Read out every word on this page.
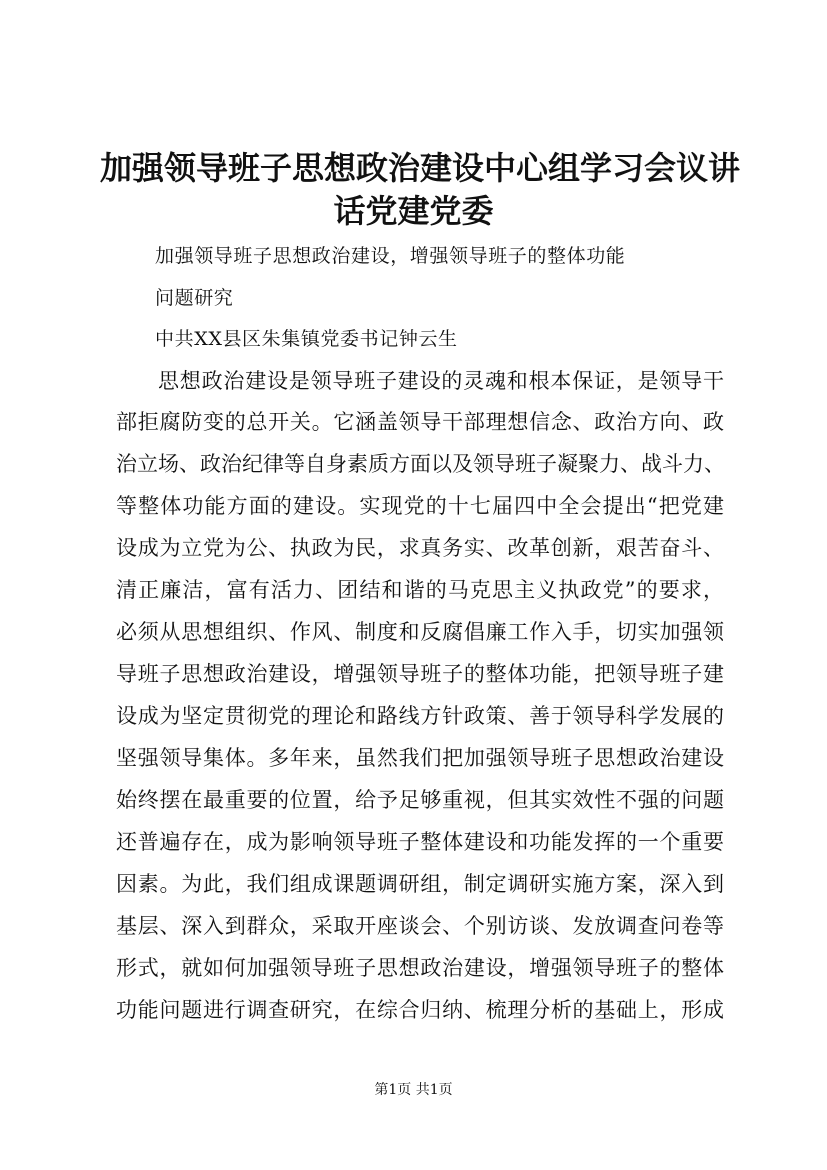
加强领导班子思想政治建设中心组学习会议讲
话党建党委
加强领导班子思想政治建设，增强领导班子的整体功能
问题研究
中共XX县区朱集镇党委书记钟云生
思想政治建设是领导班子建设的灵魂和根本保证，是领导干
部拒腐防变的总开关。它涵盖领导干部理想信念、政治方向、政
治立场、政治纪律等自身素质方面以及领导班子凝聚力、战斗力、
等整体功能方面的建设。实现党的十七届四中全会提出“把党建
设成为立党为公、执政为民，求真务实、改革创新，艰苦奋斗、
清正廉洁，富有活力、团结和谐的马克思主义执政党”的要求，
必须从思想组织、作风、制度和反腐倡廉工作入手，切实加强领
导班子思想政治建设，增强领导班子的整体功能，把领导班子建
设成为坚定贯彻党的理论和路线方针政策、善于领导科学发展的
坚强领导集体。多年来，虽然我们把加强领导班子思想政治建设
始终摆在最重要的位置，给予足够重视，但其实效性不强的问题
还普遍存在，成为影响领导班子整体建设和功能发挥的一个重要
因素。为此，我们组成课题调研组，制定调研实施方案，深入到
基层、深入到群众，采取开座谈会、个别访谈、发放调查问卷等
形式，就如何加强领导班子思想政治建设，增强领导班子的整体
功能问题进行调查研究，在综合归纳、梳理分析的基础上，形成
第1页 共1页
